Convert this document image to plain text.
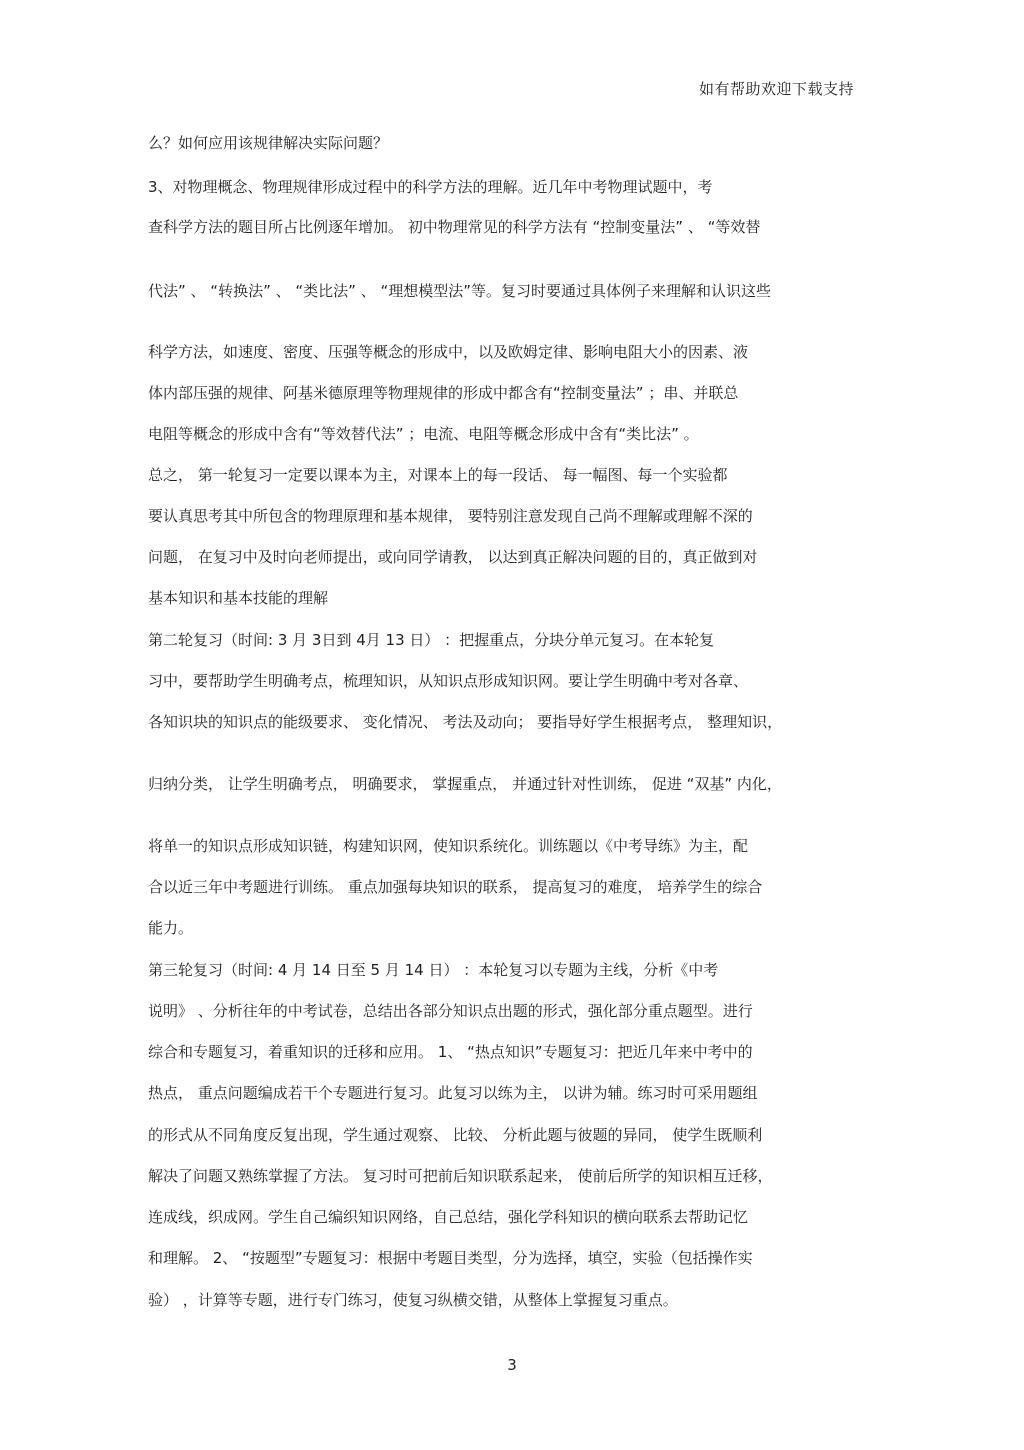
如有帮助欢迎下载支持
么？如何应用该规律解决实际问题？
3、对物理概念、物理规律形成过程中的科学方法的理解。近几年中考物理试题中，考
查科学方法的题目所占比例逐年增加。 初中物理常见的科学方法有 “控制变量法” 、 “等效替
代法” 、 “转换法” 、 “类比法” 、 “理想模型法”等。复习时要通过具体例子来理解和认识这些
科学方法，如速度、密度、压强等概念的形成中，以及欧姆定律、影响电阻大小的因素、液
体内部压强的规律、阿基米德原理等物理规律的形成中都含有“控制变量法” ；串、并联总
电阻等概念的形成中含有“等效替代法” ；电流、电阻等概念形成中含有“类比法” 。
总之， 第一轮复习一定要以课本为主，对课本上的每一段话、 每一幅图、每一个实验都
要认真思考其中所包含的物理原理和基本规律， 要特别注意发现自己尚不理解或理解不深的
问题， 在复习中及时向老师提出，或向同学请教， 以达到真正解决问题的目的，真正做到对
基本知识和基本技能的理解
第二轮复习（时间: 3 月 3日到 4月 13 日） ：把握重点，分块分单元复习。在本轮复
习中，要帮助学生明确考点，梳理知识，从知识点形成知识网。要让学生明确中考对各章、
各知识块的知识点的能级要求、 变化情况、 考法及动向； 要指导好学生根据考点， 整理知识，
归纳分类， 让学生明确考点， 明确要求， 掌握重点， 并通过针对性训练， 促进 “双基” 内化，
将单一的知识点形成知识链，构建知识网，使知识系统化。训练题以《中考导练》为主，配
合以近三年中考题进行训练。 重点加强每块知识的联系， 提高复习的难度， 培养学生的综合
能力。
第三轮复习（时间: 4 月 14 日至 5 月 14 日） ：本轮复习以专题为主线，分析《中考
说明》 、分析往年的中考试卷，总结出各部分知识点出题的形式，强化部分重点题型。进行
综合和专题复习，着重知识的迁移和应用。 1、 “热点知识”专题复习：把近几年来中考中的
热点， 重点问题编成若干个专题进行复习。此复习以练为主， 以讲为辅。练习时可采用题组
的形式从不同角度反复出现，学生通过观察、 比较、 分析此题与彼题的异同， 使学生既顺利
解决了问题又熟练掌握了方法。 复习时可把前后知识联系起来， 使前后所学的知识相互迁移，
连成线，织成网。学生自己编织知识网络，自己总结，强化学科知识的横向联系去帮助记忆
和理解。 2、 “按题型”专题复习：根据中考题目类型，分为选择，填空，实验（包括操作实
验） ，计算等专题，进行专门练习，使复习纵横交错，从整体上掌握复习重点。
3
